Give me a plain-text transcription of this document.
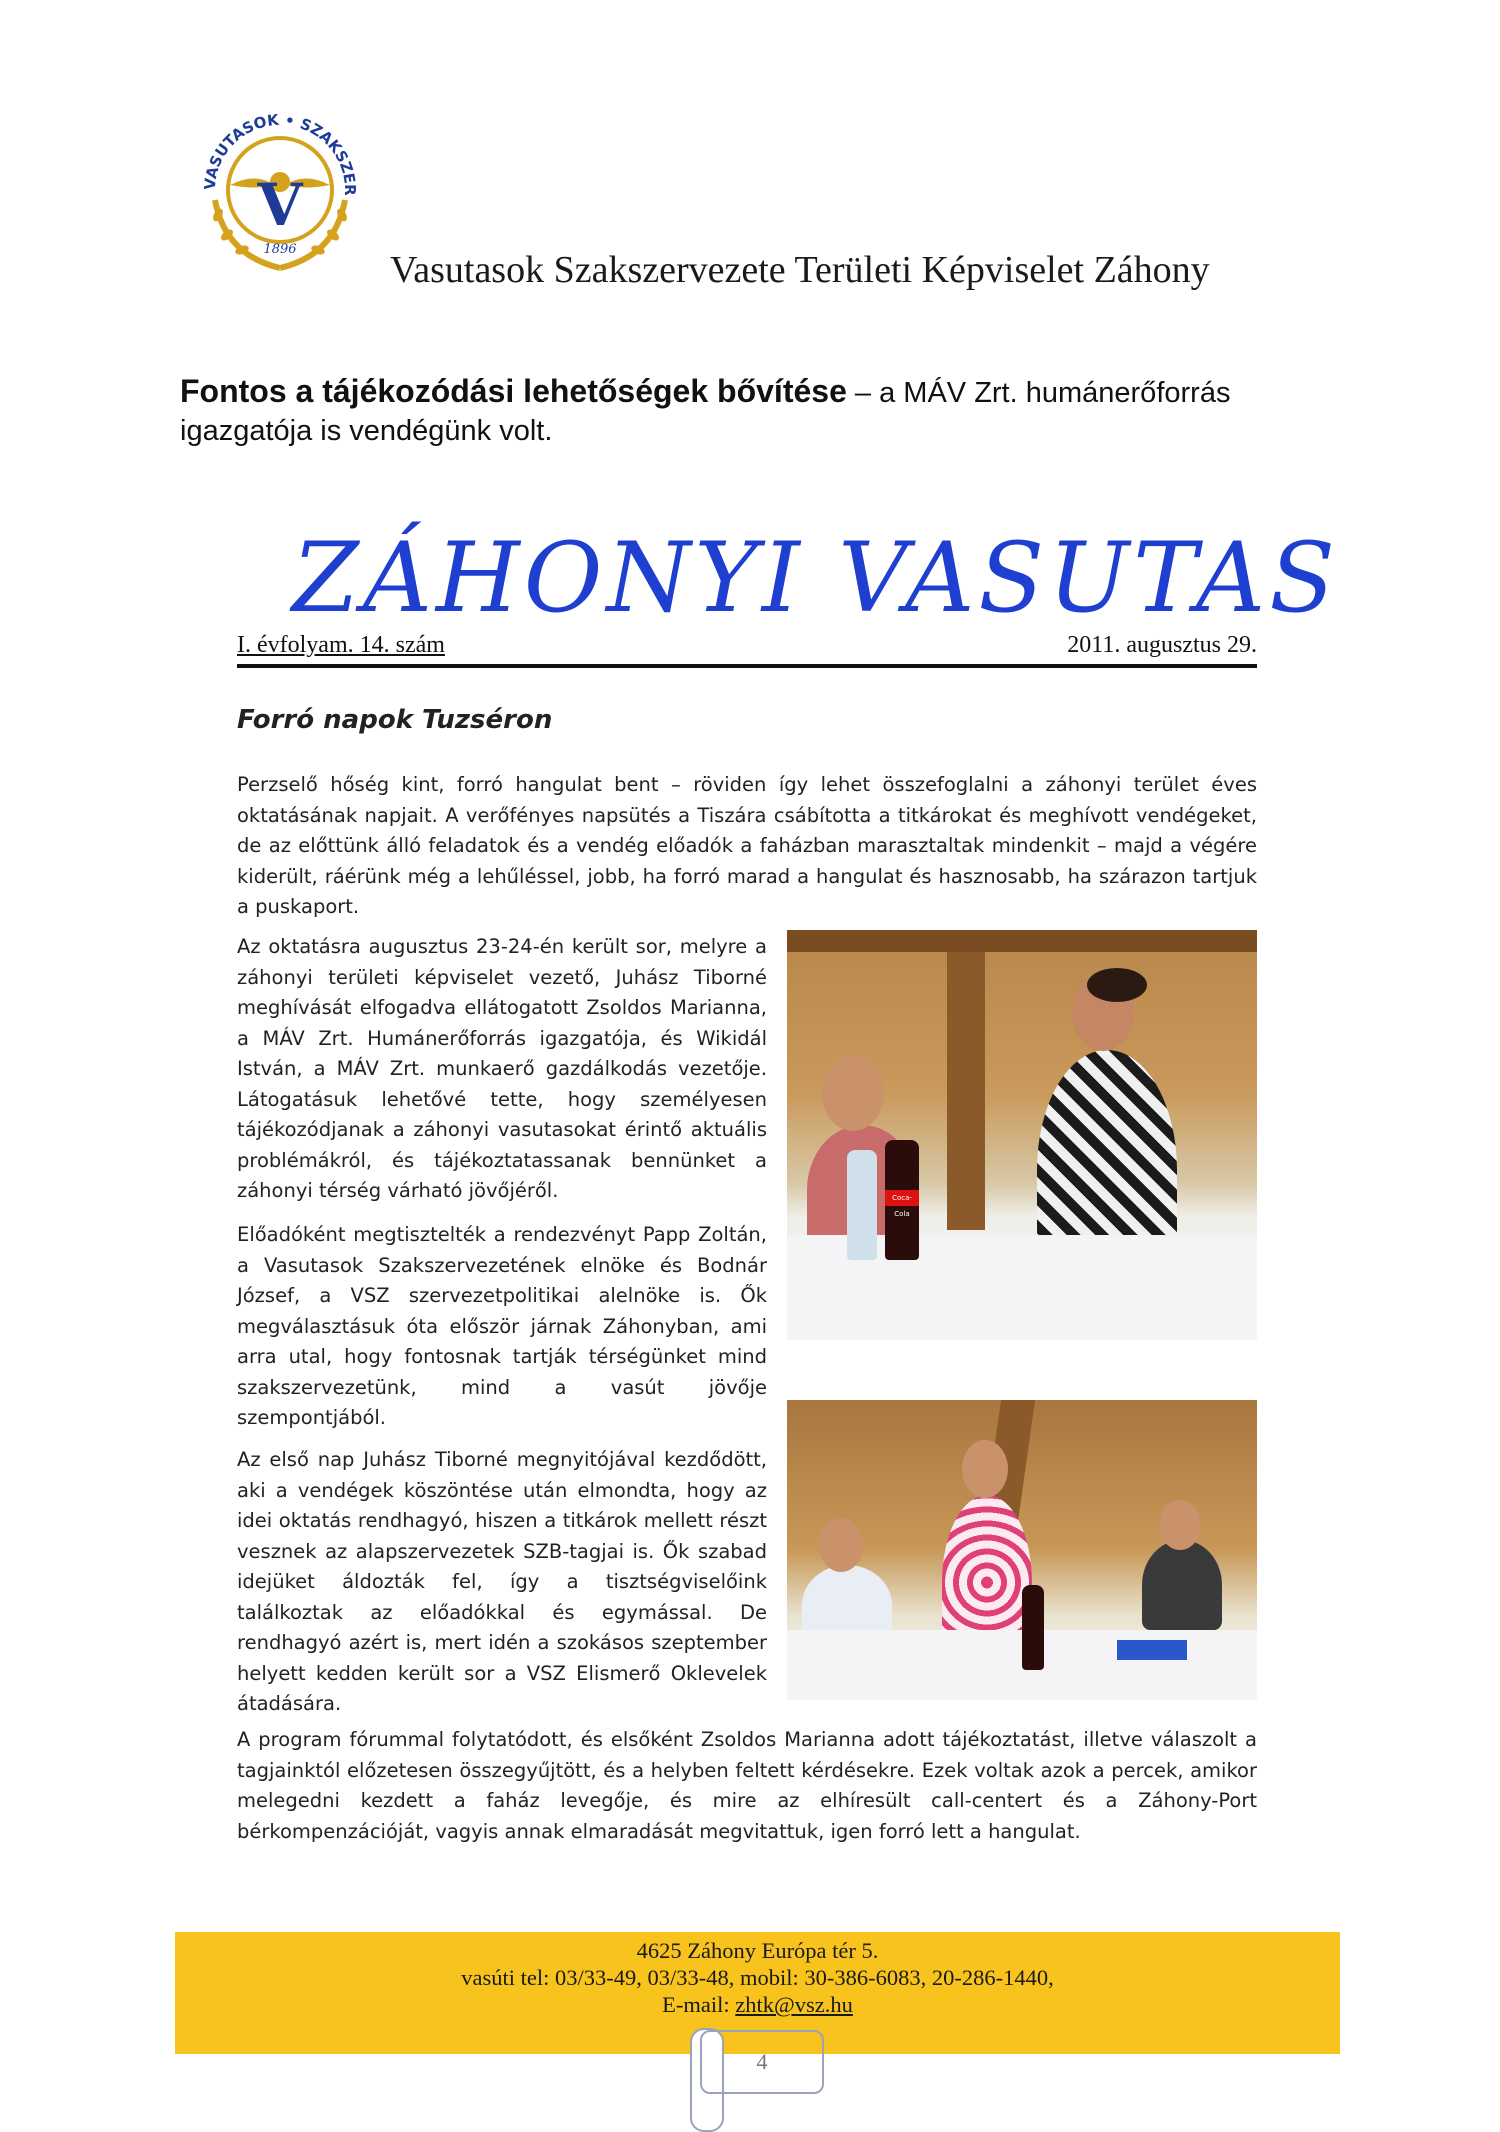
VASUTASOK • SZAKSZER
V
1896 Vasutasok Szakszervezete Területi Képviselet Záhony
Fontos a tájékozódási lehetőségek bővítése – a MÁV Zrt. humánerőforrás igazgatója is vendégünk volt.
ZÁHONYI VASUTAS
I. évfolyam. 14. szám	2011. augusztus 29.
Forró napok Tuzséron

Perzselő hőség kint, forró hangulat bent – röviden így lehet összefoglalni a záhonyi terület éves oktatásának napjait. A verőfényes napsütés a Tiszára csábította a titkárokat és meghívott vendégeket, de az előttünk álló feladatok és a vendég előadók a faházban marasztaltak mindenkit – majd a végére kiderült, ráérünk még a lehűléssel, jobb, ha forró marad a hangulat és hasznosabb, ha szárazon tartjuk a puskaport.

Az oktatásra augusztus 23-24-én került sor, melyre a záhonyi területi képviselet vezető, Juhász Tiborné meghívását elfogadva ellátogatott Zsoldos Marianna, a MÁV Zrt. Humánerőforrás igazgatója, és Wikidál István, a MÁV Zrt. munkaerő gazdálkodás vezetője. Látogatásuk lehetővé tette, hogy személyesen tájékozódjanak a záhonyi vasutasokat érintő aktuális problémákról, és tájékoztatassanak bennünket a záhonyi térség várható jövőjéről.

Előadóként megtisztelték a rendezvényt Papp Zoltán, a Vasutasok Szakszervezetének elnöke és Bodnár József, a VSZ szervezetpolitikai alelnöke is. Ők megválasztásuk óta először járnak Záhonyban, ami arra utal, hogy fontosnak tartják térségünket mind szakszervezetünk, mind a vasút jövője szempontjából.

Az első nap Juhász Tiborné megnyitójával kezdődött, aki a vendégek köszöntése után elmondta, hogy az idei oktatás rendhagyó, hiszen a titkárok mellett részt vesznek az alapszervezetek SZB-tagjai is. Ők szabad idejüket áldozták fel, így a tisztségviselőink találkoztak az előadókkal és egymással. De rendhagyó azért is, mert idén a szokásos szeptember helyett kedden került sor a VSZ Elismerő Oklevelek átadására.

A program fórummal folytatódott, és elsőként Zsoldos Marianna adott tájékoztatást, illetve válaszolt a tagjainktól előzetesen összegyűjtött, és a helyben feltett kérdésekre. Ezek voltak azok a percek, amikor melegedni kezdett a faház levegője, és mire az elhíresült call-centert és a Záhony-Port bérkompenzációját, vagyis annak elmaradását megvitattuk, igen forró lett a hangulat.

Coca-Cola
4625 Záhony Európa tér 5.
vasúti tel: 03/33-49, 03/33-48, mobil: 30-386-6083, 20-286-1440,
E-mail: zhtk@vsz.hu
4
